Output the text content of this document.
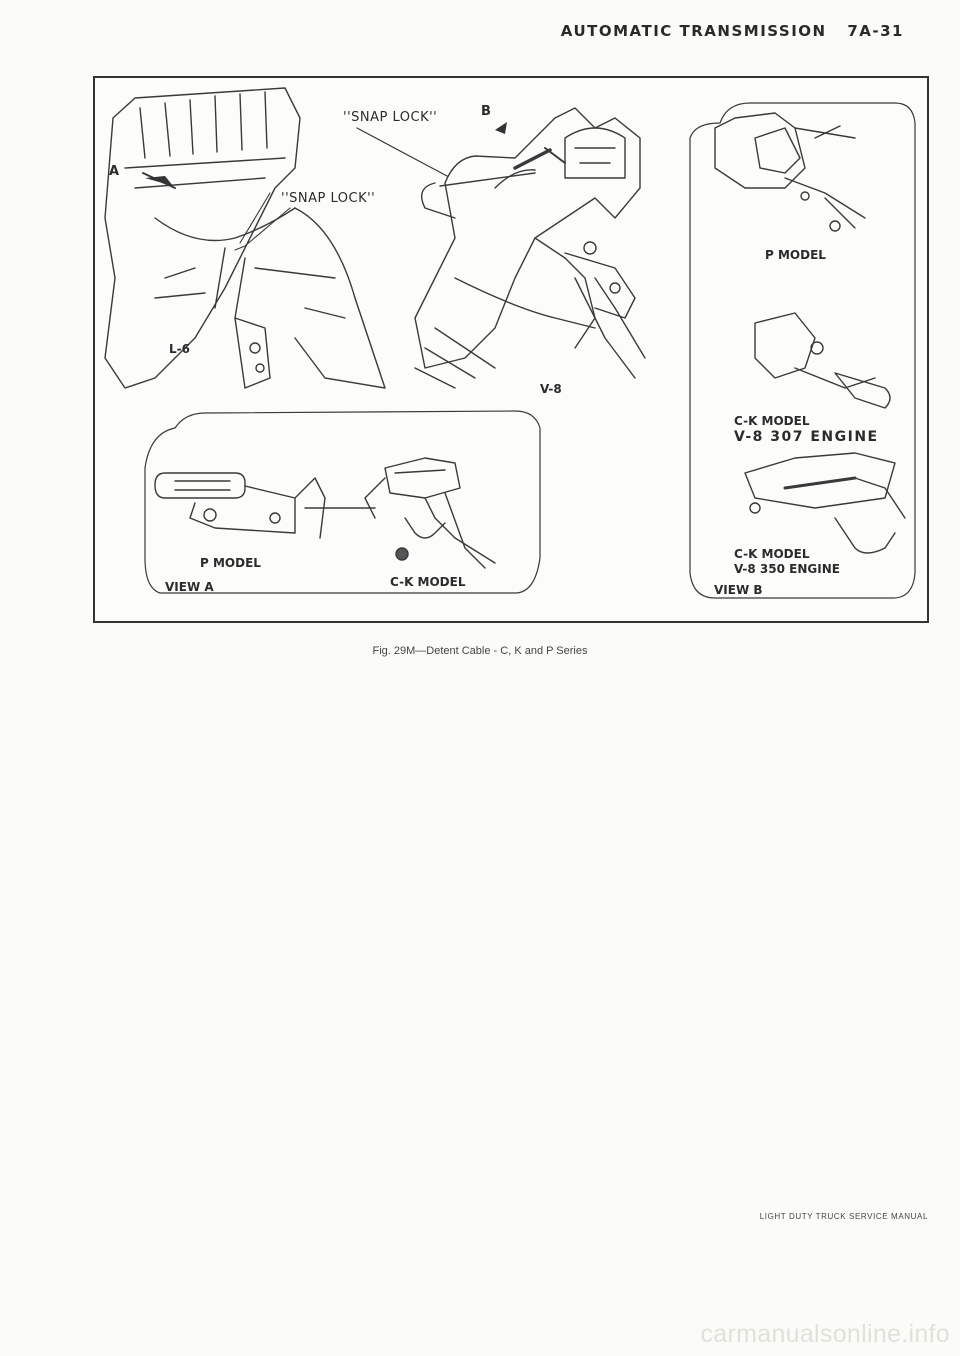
AUTOMATIC TRANSMISSION 7A-31
''SNAP LOCK''	B
A
''SNAP LOCK''
L-6
V-8
P MODEL
C-K MODEL
V-8 307 ENGINE
C-K MODEL
V-8 350 ENGINE
VIEW B
P MODEL
VIEW A	C-K MODEL
Fig. 29M—Detent Cable - C, K and P Series
LIGHT DUTY TRUCK SERVICE MANUAL
carmanualsonline.info
